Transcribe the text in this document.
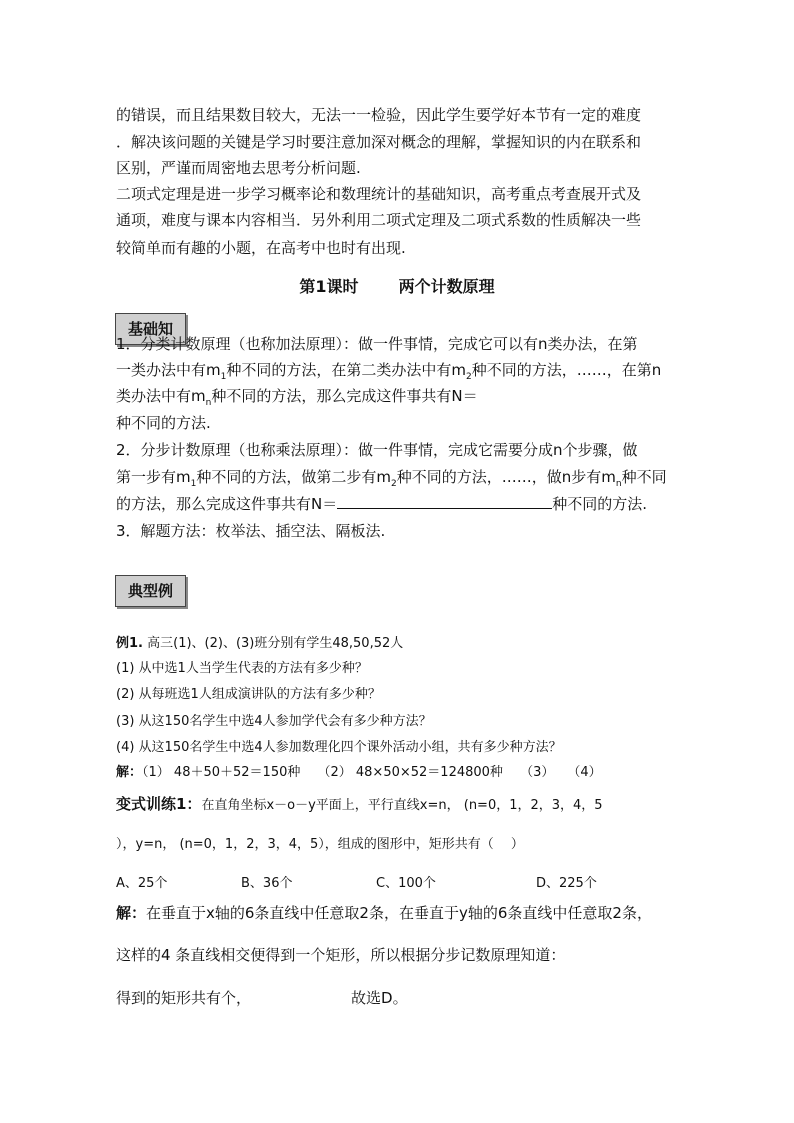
的错误，而且结果数目较大，无法一一检验，因此学生要学好本节有一定的难度
．解决该问题的关键是学习时要注意加深对概念的理解，掌握知识的内在联系和
区别，严谨而周密地去思考分析问题.
二项式定理是进一步学习概率论和数理统计的基础知识，高考重点考查展开式及
通项，难度与课本内容相当．另外利用二项式定理及二项式系数的性质解决一些
较简单而有趣的小题，在高考中也时有出现.
第1课时	两个计数原理
基础知
1．分类计数原理（也称加法原理）：做一件事情，完成它可以有n类办法，在第
一类办法中有$m_1$种不同的方法，在第二类办法中有$m_2$种不同的方法，……，在第n
类办法中有$m_n$种不同的方法，那么完成这件事共有N＝
种不同的方法.
2．分步计数原理（也称乘法原理）：做一件事情，完成它需要分成n个步骤，做
第一步有$m_1$种不同的方法，做第二步有$m_2$种不同的方法，……，做n步有$m_n$种不同
的方法，那么完成这件事共有N＝	种不同的方法.
3．解题方法：枚举法、插空法、隔板法.
典型例
例1. 高三(1)、(2)、(3)班分别有学生48,50,52人
(1) 从中选1人当学生代表的方法有多少种？
(2) 从每班选1人组成演讲队的方法有多少种？
(3) 从这150名学生中选4人参加学代会有多少种方法？
(4) 从这150名学生中选4人参加数理化四个课外活动小组，共有多少种方法？
解：（1） 48＋50＋52＝150种　 （2） 48×50×52＝124800种　 （3）　　（4）
变式训练1：在直角坐标x－o－y平面上，平行直线x=n， (n=0，1，2，3，4，5
），y=n， (n=0，1，2，3，4，5），组成的图形中，矩形共有（　 ）
A、25个	B、36个	C、100个	D、225个
解：在垂直于x轴的6条直线中任意取2条，在垂直于y轴的6条直线中任意取2条，
这样的4 条直线相交便得到一个矩形，所以根据分步记数原理知道：
得到的矩形共有个，	故选D。
